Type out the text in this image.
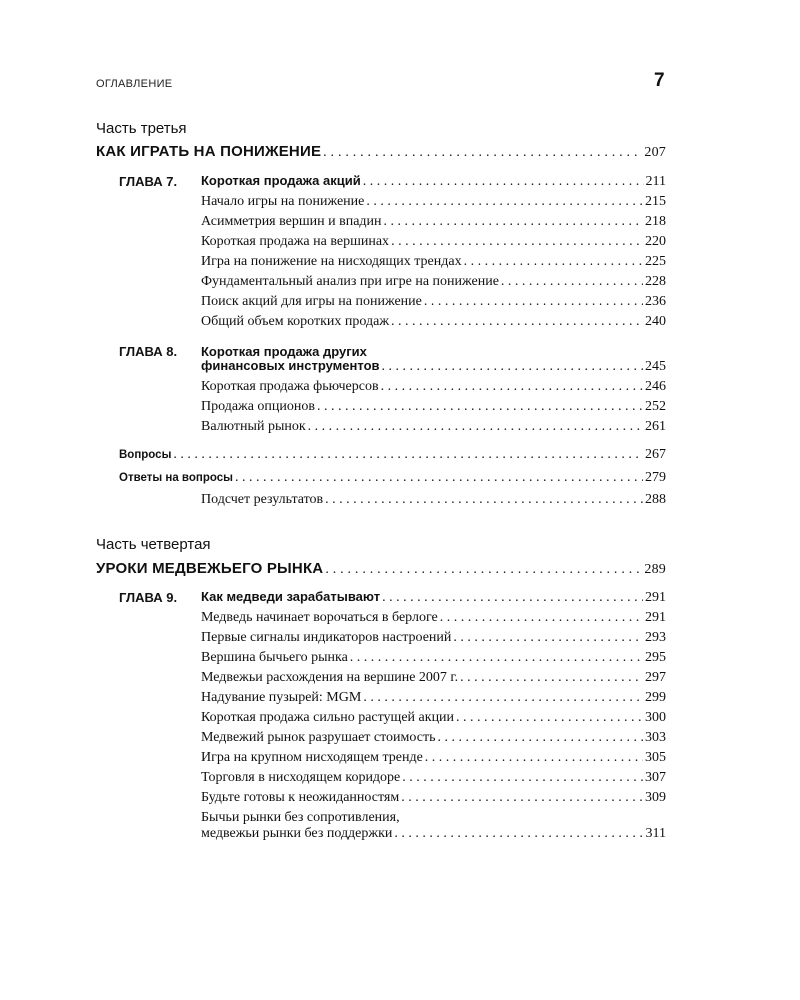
ОГЛАВЛЕНИЕ	7
Часть третья
КАК ИГРАТЬ НА ПОНИЖЕНИЕ . . .	207
ГЛАВА 7. Короткая продажа акций . . .	211
Начало игры на понижение . . .	215
Асимметрия вершин и впадин . . .	218
Короткая продажа на вершинах . . .	220
Игра на понижение на нисходящих трендах . . .	225
Фундаментальный анализ при игре на понижение . . .	228
Поиск акций для игры на понижение . . .	236
Общий объем коротких продаж . . .	240
ГЛАВА 8. Короткая продажа других
финансовых инструментов . . .	245
Короткая продажа фьючерсов . . .	246
Продажа опционов . . .	252
Валютный рынок . . .	261
Вопросы . . .	267
Ответы на вопросы . . .	279
Подсчет результатов . . .	288
Часть четвертая
УРОКИ МЕДВЕЖЬЕГО РЫНКА . . .	289
ГЛАВА 9. Как медведи зарабатывают . . .	291
Медведь начинает ворочаться в берлоге . . .	291
Первые сигналы индикаторов настроений . . .	293
Вершина бычьего рынка . . .	295
Медвежьи расхождения на вершине 2007 г. . . .	297
Надувание пузырей: MGM . . .	299
Короткая продажа сильно растущей акции . . .	300
Медвежий рынок разрушает стоимость . . .	303
Игра на крупном нисходящем тренде . . .	305
Торговля в нисходящем коридоре . . .	307
Будьте готовы к неожиданностям . . .	309
Бычьи рынки без сопротивления,
медвежьи рынки без поддержки . . .	311
